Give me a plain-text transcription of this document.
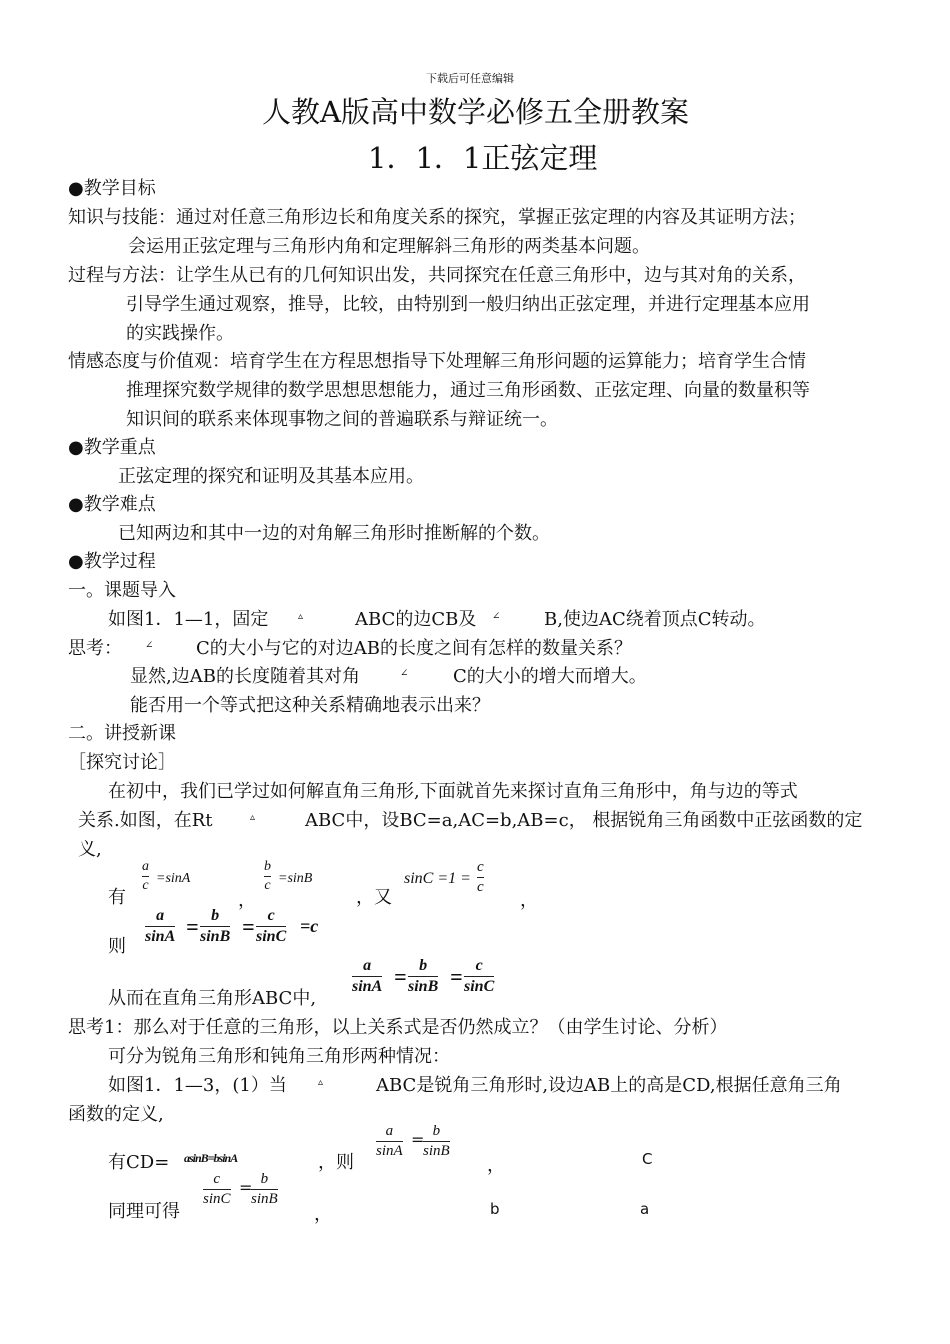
下载后可任意编辑
人教A版高中数学必修五全册教案
1．1．1正弦定理
●教学目标
知识与技能：通过对任意三角形边长和角度关系的探究，掌握正弦定理的内容及其证明方法；
会运用正弦定理与三角形内角和定理解斜三角形的两类基本问题。
过程与方法：让学生从已有的几何知识出发，共同探究在任意三角形中，边与其对角的关系，
引导学生通过观察，推导，比较，由特别到一般归纳出正弦定理，并进行定理基本应用
的实践操作。
情感态度与价值观：培育学生在方程思想指导下处理解三角形问题的运算能力；培育学生合情
推理探究数学规律的数学思想思想能力，通过三角形函数、正弦定理、向量的数量积等
知识间的联系来体现事物之间的普遍联系与辩证统一。
●教学重点
正弦定理的探究和证明及其基本应用。
●教学难点
已知两边和其中一边的对角解三角形时推断解的个数。
●教学过程
一。课题导入
如图1．1—1，固定	▵	ABC的边CB及 ∠ B,使边AC绕着顶点C转动。
思考： ∠ C的大小与它的对边AB的长度之间有怎样的数量关系？
显然,边AB的长度随着其对角	∠ C的大小的增大而增大。
能否用一个等式把这种关系精确地表示出来？
二。讲授新课
［探究讨论］
在初中，我们已学过如何解直角三角形,下面就首先来探讨直角三角形中，角与边的等式
关系.如图，在Rt	▵	ABC中，设BC=a,AC=b,AB=c， 根据锐角三角函数中正弦函数的定
义,
有
a
c =sinA
，
b
c =sinB
，又
sinC =1 =
c
c
，
则
a
sinA = b
sinB = c
sinC
=c
从而在直角三角形ABC中,
a
sinA = b
sinB = c
sinC
思考1：那么对于任意的三角形，以上关系式是否仍然成立？（由学生讨论、分析）
可分为锐角三角形和钝角三角形两种情况：
如图1．1—3，(1）当	▵	ABC是锐角三角形时,设边AB上的高是CD,根据任意角三角
函数的定义,
有CD= asinB=bsinA	，则
a
sinA
= b
sinB
，	C
同理可得
c
sinC
= b
sinB
，	b	a
